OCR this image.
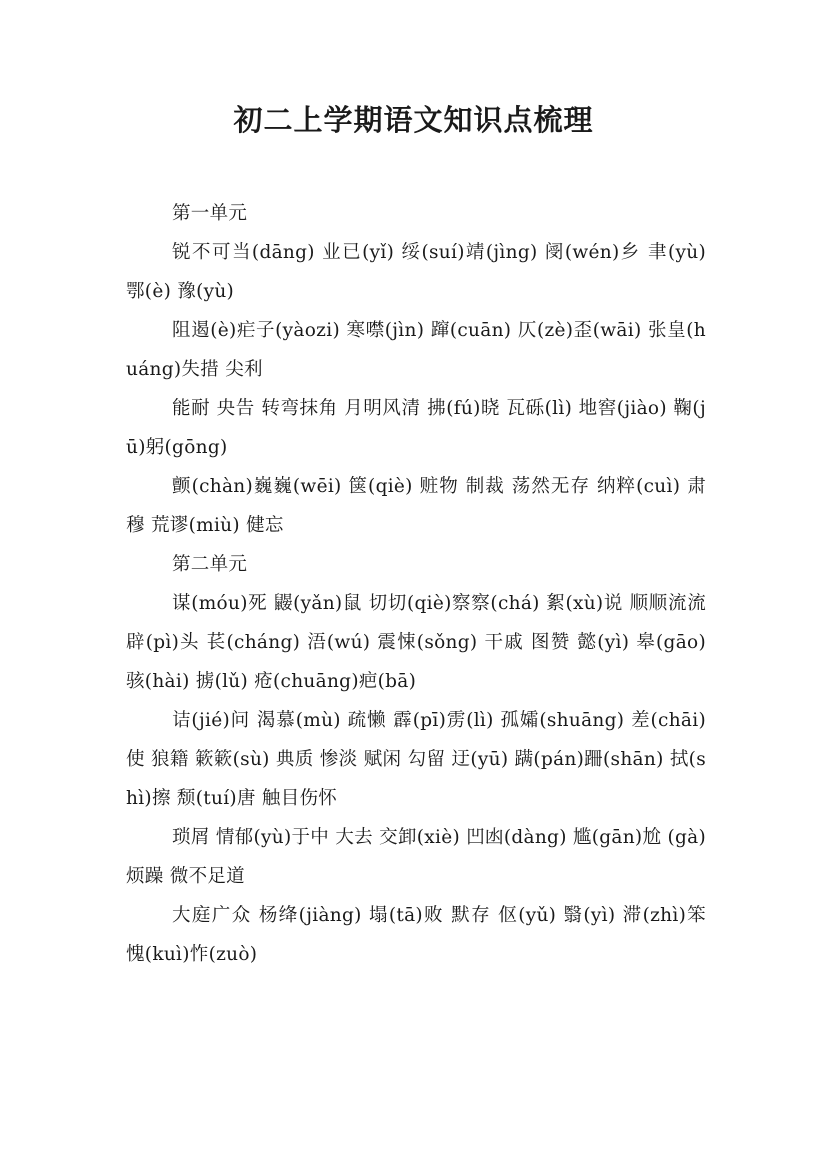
初二上学期语文知识点梳理

第一单元

锐不可当(dāng) 业已(yǐ) 绥(suí)靖(jìng) 阌(wén)乡 聿(yù) 鄂(è) 豫(yù)

阻遏(è)疟子(yàozi) 寒噤(jìn) 蹿(cuān) 仄(zè)歪(wāi) 张皇(huáng)失措 尖利

能耐 央告 转弯抹角 月明风清 拂(fú)晓 瓦砾(lì) 地窖(jiào) 鞠(jū)躬(gōng)

颤(chàn)巍巍(wēi) 箧(qiè) 赃物 制裁 荡然无存 纳粹(cuì) 肃穆 荒谬(miù) 健忘

第二单元

谋(móu)死 鼹(yǎn)鼠 切切(qiè)察察(chá) 絮(xù)说 顺顺流流 辟(pì)头 苌(cháng) 浯(wú) 震悚(sǒng) 干戚 图赞 懿(yì) 皋(gāo) 骇(hài) 掳(lǔ) 疮(chuāng)疤(bā)

诘(jié)问 渴慕(mù) 疏懒 霹(pī)雳(lì) 孤孀(shuāng) 差(chāi)使 狼籍 簌簌(sù) 典质 惨淡 赋闲 勾留 迂(yū) 蹒(pán)跚(shān) 拭(shì)擦 颓(tuí)唐 触目伤怀

琐屑 情郁(yù)于中 大去 交卸(xiè) 凹凼(dàng) 尴(gān)尬 (gà) 烦躁 微不足道

大庭广众 杨绛(jiàng) 塌(tā)败 默存 伛(yǔ) 翳(yì) 滞(zhì)笨 愧(kuì)怍(zuò)
